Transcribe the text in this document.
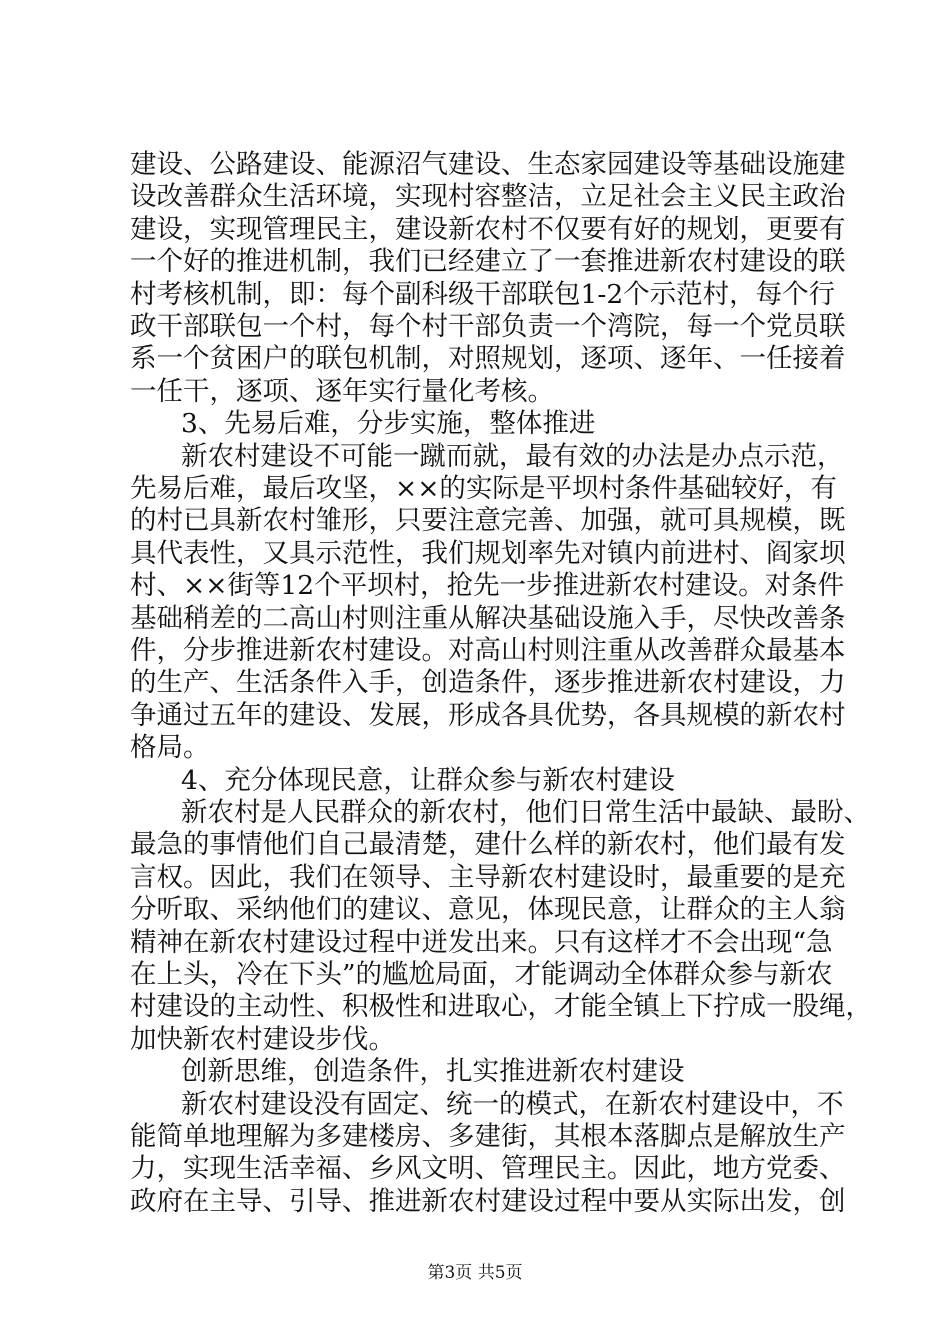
建设、公路建设、能源沼气建设、生态家园建设等基础设施建
设改善群众生活环境，实现村容整洁，立足社会主义民主政治
建设，实现管理民主，建设新农村不仅要有好的规划，更要有
一个好的推进机制，我们已经建立了一套推进新农村建设的联
村考核机制，即：每个副科级干部联包1-2个示范村，每个行
政干部联包一个村，每个村干部负责一个湾院，每一个党员联
系一个贫困户的联包机制，对照规划，逐项、逐年、一任接着
一任干，逐项、逐年实行量化考核。
3、先易后难，分步实施，整体推进
新农村建设不可能一蹴而就，最有效的办法是办点示范，
先易后难，最后攻坚，××的实际是平坝村条件基础较好，有
的村已具新农村雏形，只要注意完善、加强，就可具规模，既
具代表性，又具示范性，我们规划率先对镇内前进村、阎家坝
村、××街等12个平坝村，抢先一步推进新农村建设。对条件
基础稍差的二高山村则注重从解决基础设施入手，尽快改善条
件，分步推进新农村建设。对高山村则注重从改善群众最基本
的生产、生活条件入手，创造条件，逐步推进新农村建设，力
争通过五年的建设、发展，形成各具优势，各具规模的新农村
格局。
4、充分体现民意，让群众参与新农村建设
新农村是人民群众的新农村，他们日常生活中最缺、最盼、
最急的事情他们自己最清楚，建什么样的新农村，他们最有发
言权。因此，我们在领导、主导新农村建设时，最重要的是充
分听取、采纳他们的建议、意见，体现民意，让群众的主人翁
精神在新农村建设过程中迸发出来。只有这样才不会出现“急
在上头，冷在下头”的尴尬局面，才能调动全体群众参与新农
村建设的主动性、积极性和进取心，才能全镇上下拧成一股绳，
加快新农村建设步伐。
创新思维，创造条件，扎实推进新农村建设
新农村建设没有固定、统一的模式，在新农村建设中，不
能简单地理解为多建楼房、多建街，其根本落脚点是解放生产
力，实现生活幸福、乡风文明、管理民主。因此，地方党委、
政府在主导、引导、推进新农村建设过程中要从实际出发，创
第3页 共5页
